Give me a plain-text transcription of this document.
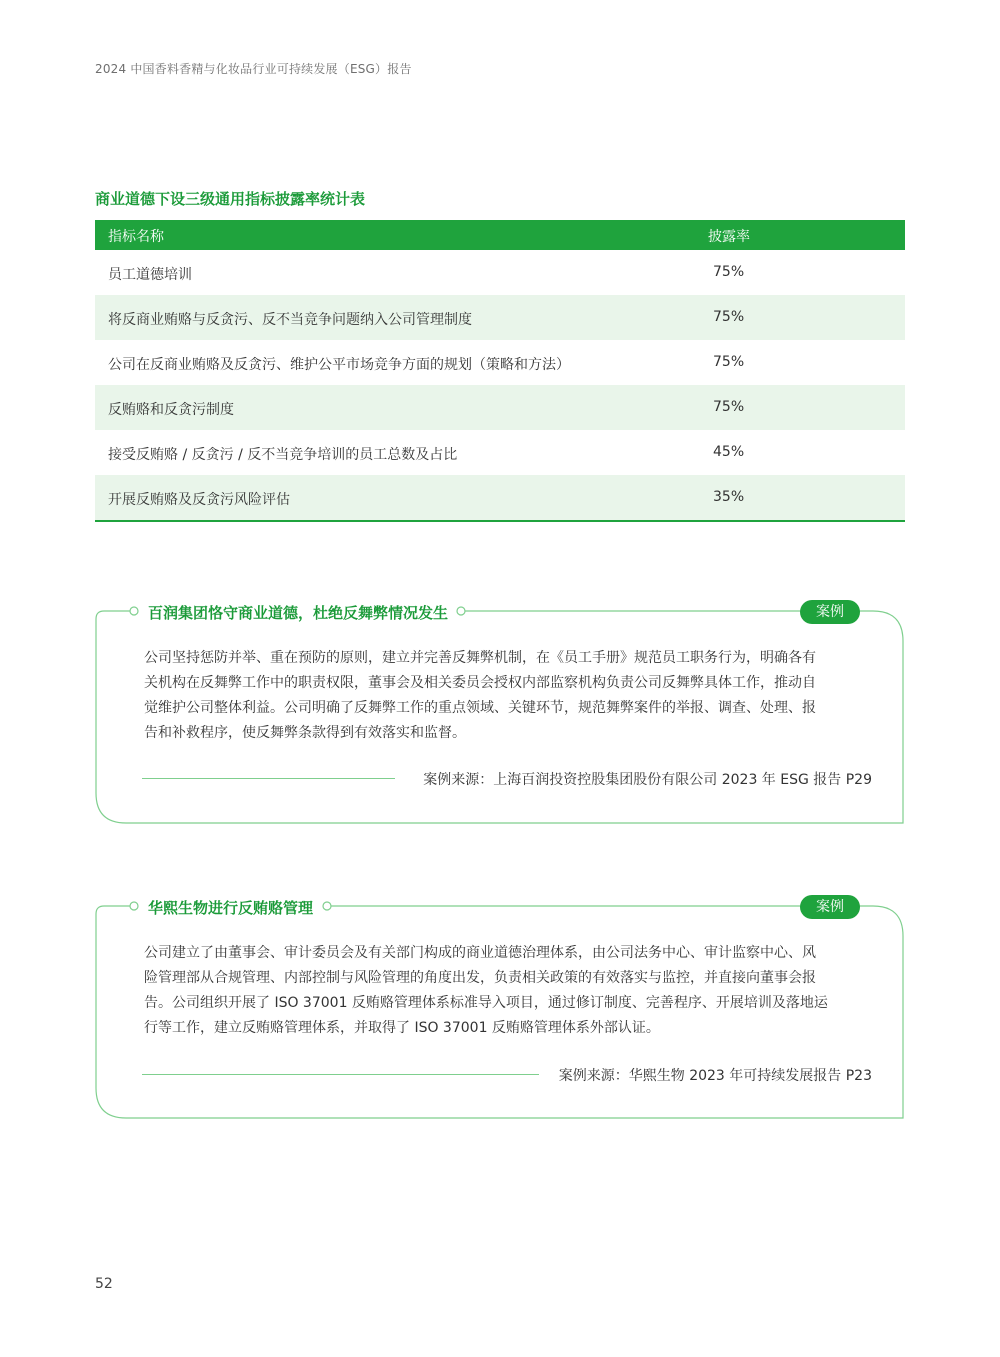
2024 中国香料香精与化妆品行业可持续发展（ESG）报告
商业道德下设三级通用指标披露率统计表
指标名称	披露率
员工道德培训	75%
将反商业贿赂与反贪污、反不当竞争问题纳入公司管理制度	75%
公司在反商业贿赂及反贪污、维护公平市场竞争方面的规划（策略和方法）	75%
反贿赂和反贪污制度	75%
接受反贿赂 / 反贪污 / 反不当竞争培训的员工总数及占比	45%
开展反贿赂及反贪污风险评估	35%
百润集团恪守商业道德，杜绝反舞弊情况发生	案例
公司坚持惩防并举、重在预防的原则，建立并完善反舞弊机制，在《员工手册》规范员工职务行为，明确各有
关机构在反舞弊工作中的职责权限，董事会及相关委员会授权内部监察机构负责公司反舞弊具体工作，推动自
觉维护公司整体利益。公司明确了反舞弊工作的重点领域、关键环节，规范舞弊案件的举报、调查、处理、报
告和补救程序，使反舞弊条款得到有效落实和监督。
案例来源：上海百润投资控股集团股份有限公司 2023 年 ESG 报告 P29
华熙生物进行反贿赂管理	案例
公司建立了由董事会、审计委员会及有关部门构成的商业道德治理体系，由公司法务中心、审计监察中心、风
险管理部从合规管理、内部控制与风险管理的角度出发，负责相关政策的有效落实与监控，并直接向董事会报
告。公司组织开展了 ISO 37001 反贿赂管理体系标准导入项目，通过修订制度、完善程序、开展培训及落地运
行等工作，建立反贿赂管理体系，并取得了 ISO 37001 反贿赂管理体系外部认证。
案例来源：华熙生物 2023 年可持续发展报告 P23
52
